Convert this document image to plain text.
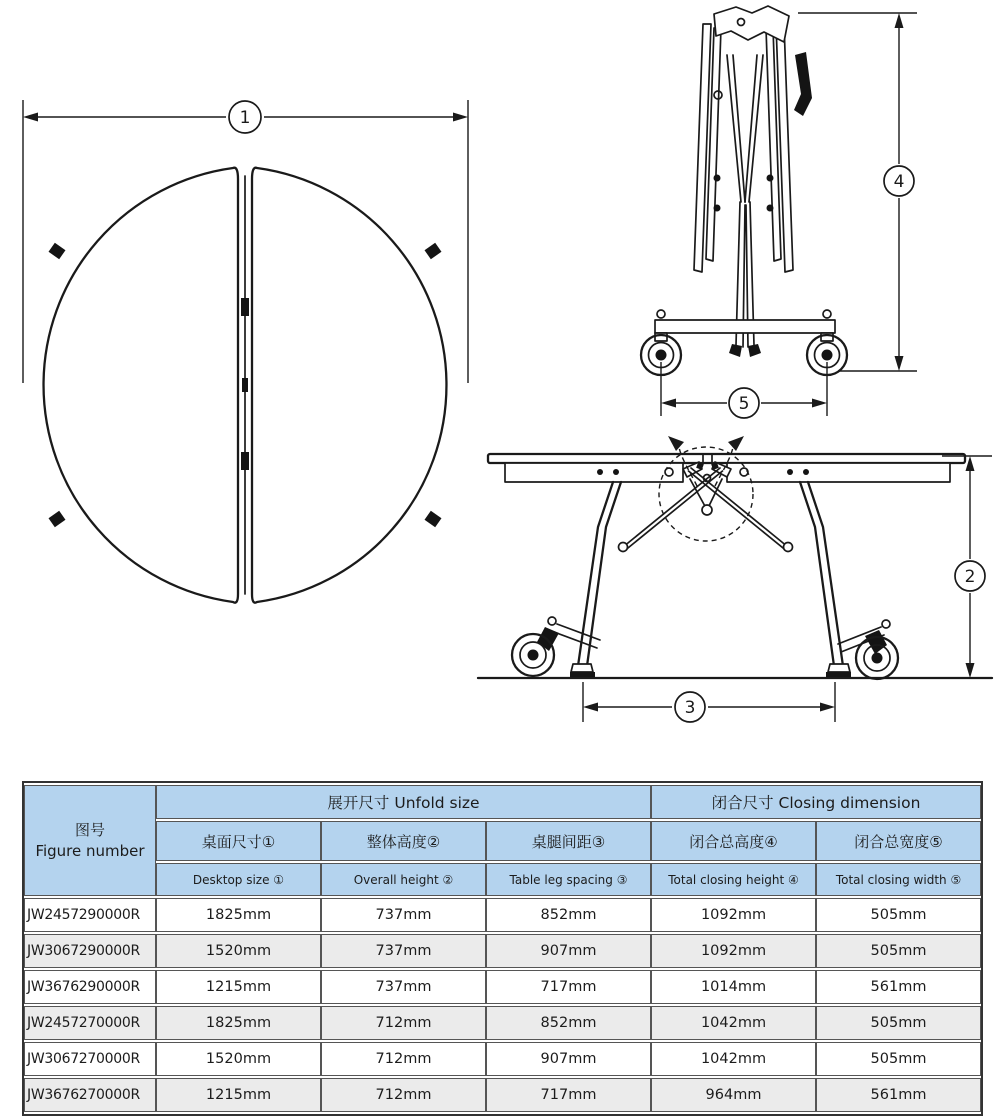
1
4
5
2
3
图号
Figure number	展开尺寸 Unfold size			闭合尺寸 Closing dimension	
	桌面尺寸①	整体高度②	桌腿间距③	闭合总高度④	闭合总宽度⑤
	Desktop size ①	Overall height ②	Table leg spacing ③	Total closing height ④	Total closing width ⑤
JW2457290000R	1825mm	737mm	852mm	1092mm	505mm
JW3067290000R	1520mm	737mm	907mm	1092mm	505mm
JW3676290000R	1215mm	737mm	717mm	1014mm	561mm
JW2457270000R	1825mm	712mm	852mm	1042mm	505mm
JW3067270000R	1520mm	712mm	907mm	1042mm	505mm
JW3676270000R	1215mm	712mm	717mm	964mm	561mm
